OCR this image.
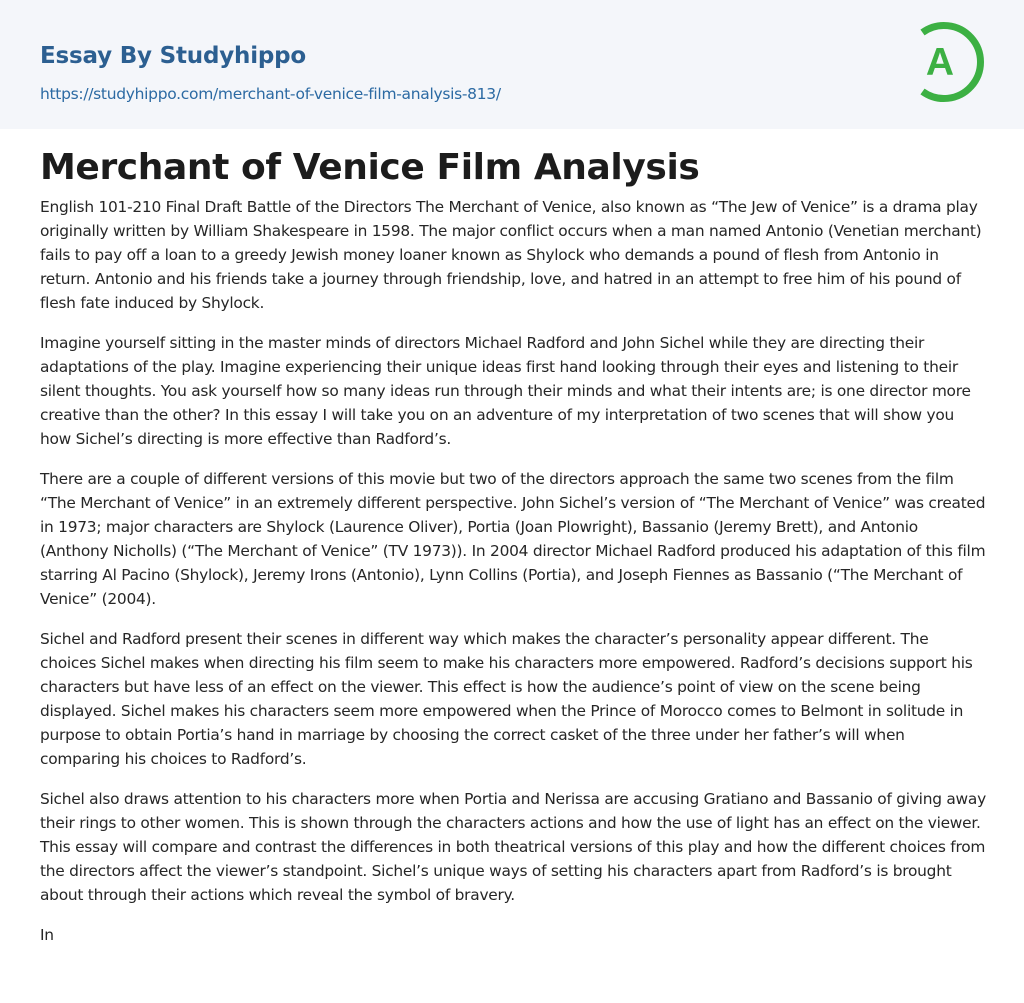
Essay By Studyhippo
https://studyhippo.com/merchant-of-venice-film-analysis-813/
A
Merchant of Venice Film Analysis

English 101-210 Final Draft Battle of the Directors The Merchant of Venice, also known as “The Jew of Venice” is a drama play originally written by William Shakespeare in 1598. The major conflict occurs when a man named Antonio (Venetian merchant) fails to pay off a loan to a greedy Jewish money loaner known as Shylock who demands a pound of flesh from Antonio in return. Antonio and his friends take a journey through friendship, love, and hatred in an attempt to free him of his pound of flesh fate induced by Shylock.

Imagine yourself sitting in the master minds of directors Michael Radford and John Sichel while they are directing their adaptations of the play. Imagine experiencing their unique ideas first hand looking through their eyes and listening to their silent thoughts. You ask yourself how so many ideas run through their minds and what their intents are; is one director more creative than the other? In this essay I will take you on an adventure of my interpretation of two scenes that will show you how Sichel’s directing is more effective than Radford’s.

There are a couple of different versions of this movie but two of the directors approach the same two scenes from the film “The Merchant of Venice” in an extremely different perspective. John Sichel’s version of “The Merchant of Venice” was created in 1973; major characters are Shylock (Laurence Oliver), Portia (Joan Plowright), Bassanio (Jeremy Brett), and Antonio (Anthony Nicholls) (“The Merchant of Venice” (TV 1973)). In 2004 director Michael Radford produced his adaptation of this film starring Al Pacino (Shylock), Jeremy Irons (Antonio), Lynn Collins (Portia), and Joseph Fiennes as Bassanio (“The Merchant of Venice” (2004).

Sichel and Radford present their scenes in different way which makes the character’s personality appear different. The choices Sichel makes when directing his film seem to make his characters more empowered. Radford’s decisions support his characters but have less of an effect on the viewer. This effect is how the audience’s point of view on the scene being displayed. Sichel makes his characters seem more empowered when the Prince of Morocco comes to Belmont in solitude in purpose to obtain Portia’s hand in marriage by choosing the correct casket of the three under her father’s will when comparing his choices to Radford’s.

Sichel also draws attention to his characters more when Portia and Nerissa are accusing Gratiano and Bassanio of giving away their rings to other women. This is shown through the characters actions and how the use of light has an effect on the viewer. This essay will compare and contrast the differences in both theatrical versions of this play and how the different choices from the directors affect the viewer’s standpoint. Sichel’s unique ways of setting his characters apart from Radford’s is brought about through their actions which reveal the symbol of bravery.

In
